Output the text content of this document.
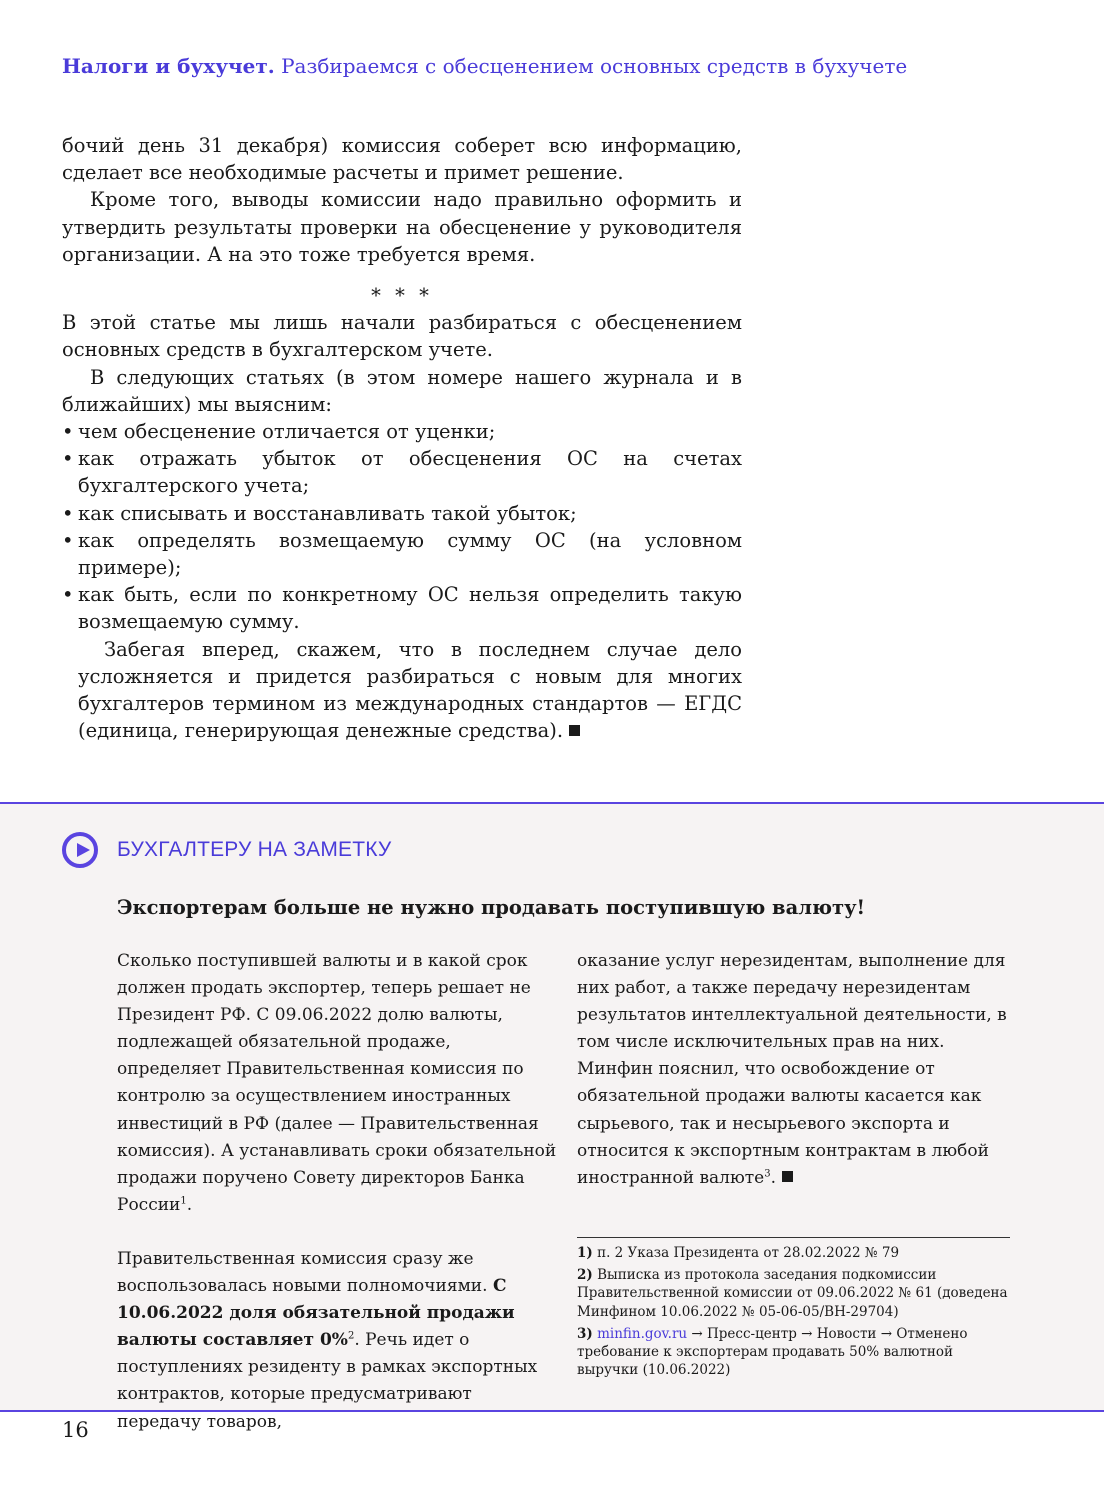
Налоги и бухучет. Разбираемся с обесценением основных средств в бухучете

бочий день 31 декабря) комиссия соберет всю информацию, сделает все необходимые расчеты и примет решение.

Кроме того, выводы комиссии надо правильно оформить и утвердить результаты проверки на обесценение у руководителя организации. А на это тоже требуется время.

* * *

В этой статье мы лишь начали разбираться с обесценением основных средств в бухгалтерском учете.

В следующих статьях (в этом номере нашего журнала и в ближайших) мы выясним:

• чем обесценение отличается от уценки;
• как отражать убыток от обесценения ОС на счетах бухгалтерского учета;
• как списывать и восстанавливать такой убыток;
• как определять возмещаемую сумму ОС (на условном примере);
• как быть, если по конкретному ОС нельзя определить такую возмещаемую сумму.

Забегая вперед, скажем, что в последнем случае дело усложняется и придется разбираться с новым для многих бухгалтеров термином из международных стандартов — ЕГДС (единица, генерирующая денежные средства).

БУХГАЛТЕРУ НА ЗАМЕТКУ
Экспортерам больше не нужно продавать поступившую валюту!

Сколько поступившей валюты и в какой срок должен продать экспортер, теперь решает не Президент РФ. С 09.06.2022 долю валюты, подлежащей обязательной продаже, определяет Правительственная комиссия по контролю за осуществлением иностранных инвестиций в РФ (далее — Правительственная комиссия). А устанавливать сроки обязательной продажи поручено Совету директоров Банка России$^1$.

Правительственная комиссия сразу же воспользовалась новыми полномочиями. С 10.06.2022 доля обязательной продажи валюты составляет 0%$^2$. Речь идет о поступлениях резиденту в рамках экспортных контрактов, которые предусматривают передачу товаров,

оказание услуг нерезидентам, выполнение для них работ, а также передачу нерезидентам результатов интеллектуальной деятельности, в том числе исключительных прав на них. Минфин пояснил, что освобождение от обязательной продажи валюты касается как сырьевого, так и несырьевого экспорта и относится к экспортным контрактам в любой иностранной валюте$^3$.

1) п. 2 Указа Президента от 28.02.2022 № 79

2) Выписка из протокола заседания подкомиссии Правительственной комиссии от 09.06.2022 № 61 (доведена Минфином 10.06.2022 № 05-06-05/ВН-29704)

3) minfin.gov.ru → Пресс-центр → Новости → Отменено требование к экспортерам продавать 50% валютной выручки (10.06.2022)

16
